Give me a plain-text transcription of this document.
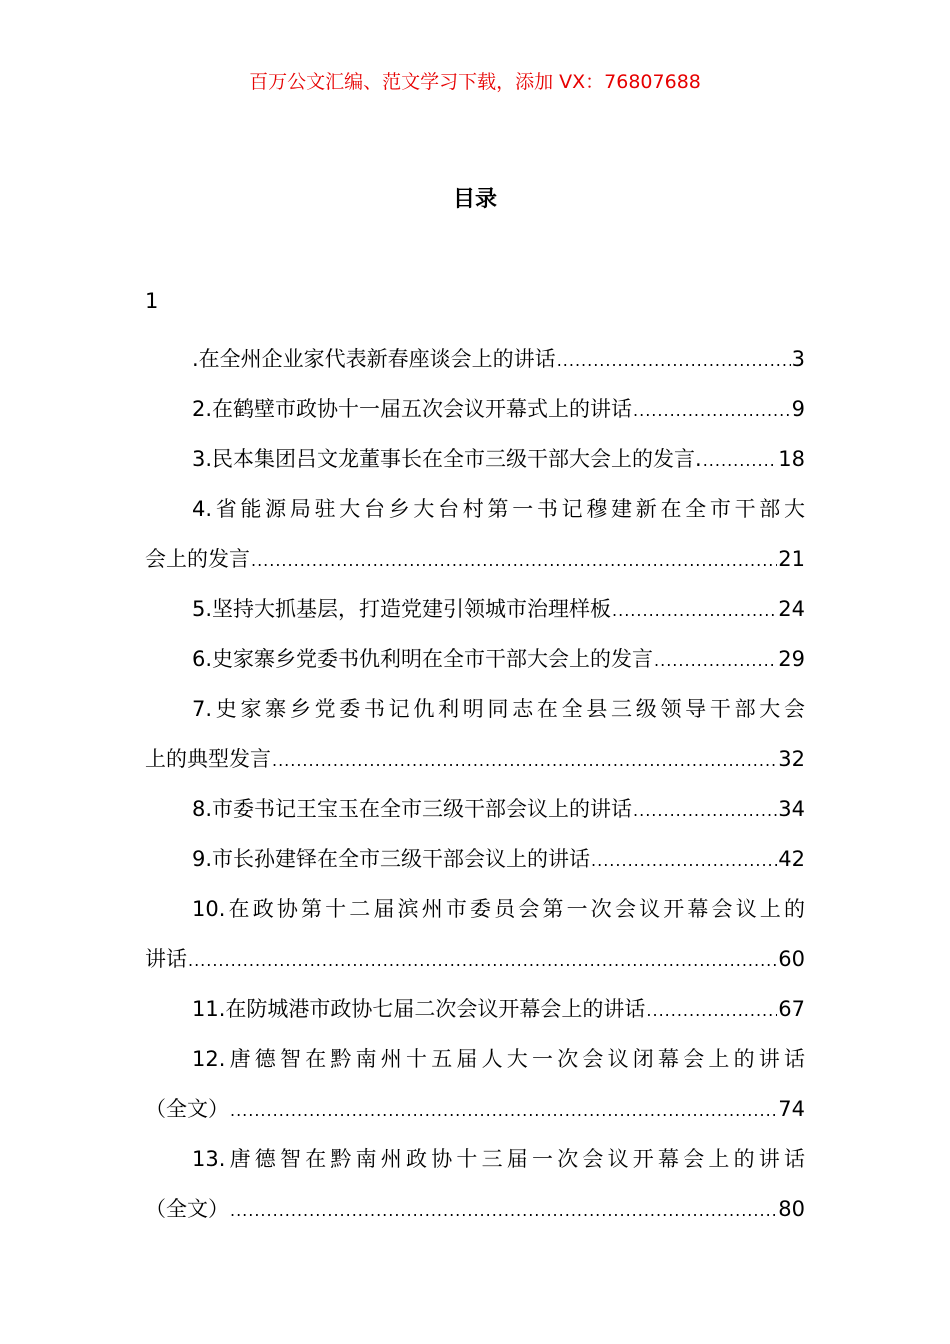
百万公文汇编、范文学习下载，添加 VX：76807688
目录
1
.在全州企业家代表新春座谈会上的讲话 .....	3
2.在鹤壁市政协十一届五次会议开幕式上的讲话 .....	9
3.民本集团吕文龙董事长在全市三级干部大会上的发言. .....	18
4.省能源局驻大台乡大台村第一书记穆建新在全市干部大
会上的发言 .....	21
5.坚持大抓基层，打造党建引领城市治理样板 .....	24
6.史家寨乡党委书仇利明在全市干部大会上的发言 .....	29
7.史家寨乡党委书记仇利明同志在全县三级领导干部大会
上的典型发言 .....	32
8.市委书记王宝玉在全市三级干部会议上的讲话 .....	34
9.市长孙建铎在全市三级干部会议上的讲话 .....	42
10.在政协第十二届滨州市委员会第一次会议开幕会议上的
讲话 .....	60
11.在防城港市政协七届二次会议开幕会上的讲话 .....	67
12.唐德智在黔南州十五届人大一次会议闭幕会上的讲话
（全文） .....	74
13.唐德智在黔南州政协十三届一次会议开幕会上的讲话
（全文） .....	80
